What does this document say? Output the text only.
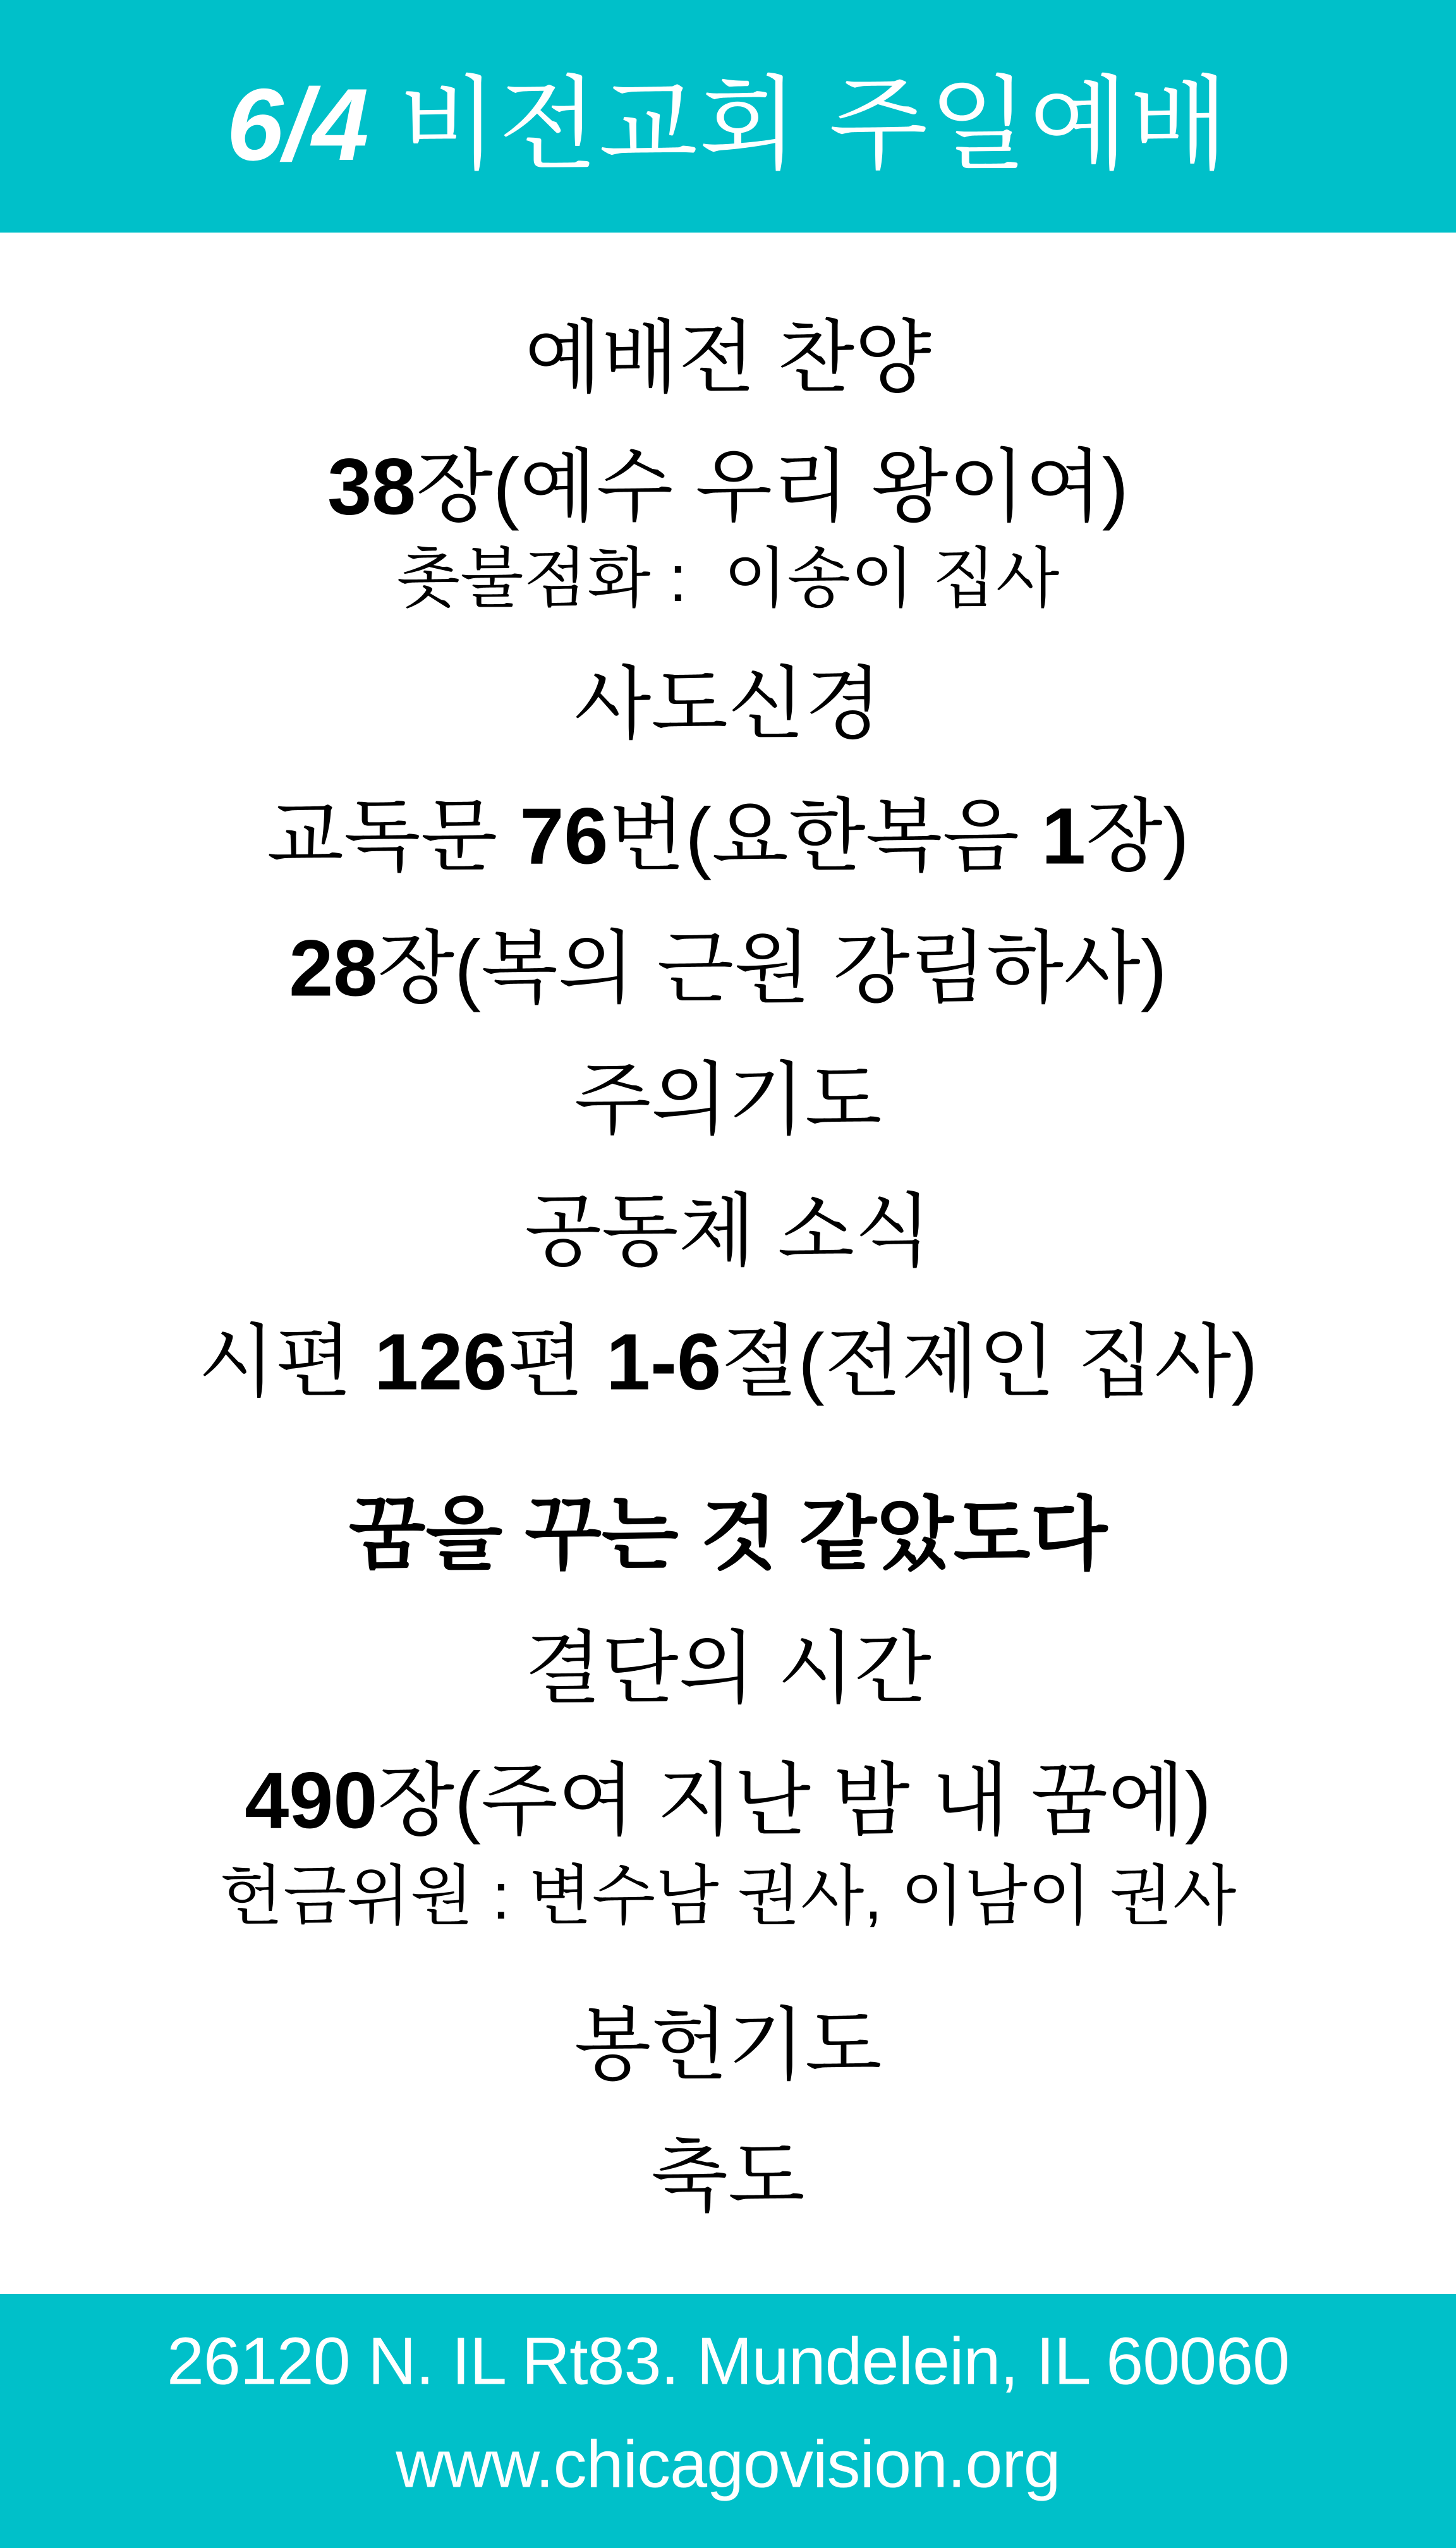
6/4 비전교회 주일예배
예배전 찬양
38장(예수 우리 왕이여)
촛불점화 :  이송이 집사
사도신경
교독문 76번(요한복음 1장)
28장(복의 근원 강림하사)
주의기도
공동체 소식
시편 126편 1-6절(전제인 집사)
꿈을 꾸는 것 같았도다
결단의 시간
490장(주여 지난 밤 내 꿈에)
헌금위원 : 변수남 권사, 이남이 권사
봉헌기도
축도
26120 N. IL Rt83. Mundelein, IL 60060
www.chicagovision.org
